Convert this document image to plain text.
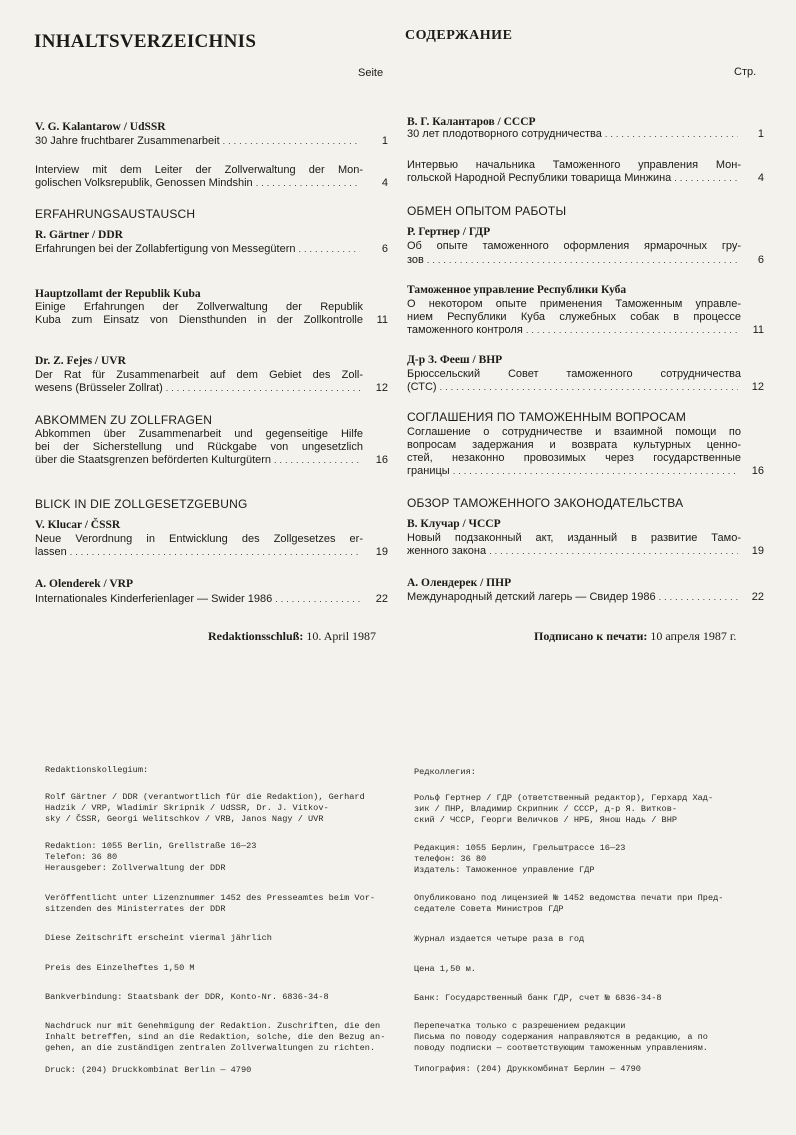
INHALTSVERZEICHNIS
Seite
V. G. Kalantarow / UdSSR
30 Jahre fruchtbarer Zusammenarbeit .....	1
Interview mit dem Leiter der Zollverwaltung der Mon-
golischen Volksrepublik, Genossen Mindshin .....	4
ERFAHRUNGSAUSTAUSCH
R. Gärtner / DDR
Erfahrungen bei der Zollabfertigung von Messegütern .....	6
Hauptzollamt der Republik Kuba
Einige Erfahrungen der Zollverwaltung der Republik
Kuba zum Einsatz von Diensthunden in der Zollkontrolle	11
Dr. Z. Fejes / UVR
Der Rat für Zusammenarbeit auf dem Gebiet des Zoll-
wesens (Brüsseler Zollrat) .....	12
ABKOMMEN ZU ZOLLFRAGEN
Abkommen über Zusammenarbeit und gegenseitige Hilfe
bei der Sicherstellung und Rückgabe von ungesetzlich
über die Staatsgrenzen beförderten Kulturgütern .....	16
BLICK IN DIE ZOLLGESETZGEBUNG
V. Klucar / ČSSR
Neue Verordnung in Entwicklung des Zollgesetzes er-
lassen .....	19
A. Olenderek / VRP
Internationales Kinderferienlager — Swider 1986 .....	22
Redaktionsschluß: 10. April 1987
СОДЕРЖАНИЕ
Стр.
В. Г. Калантаров / СССР
30 лет плодотворного сотрудничества .....	1
Интервью начальника Таможенного управления Мон-
гольской Народной Республики товарища Минжина .....	4
ОБМЕН ОПЫТОМ РАБОТЫ
Р. Гертнер / ГДР
Об опыте таможенного оформления ярмарочных гру-
зов .....	6
Таможенное управление Республики Куба
О некотором опыте применения Таможенным управле-
нием Республики Куба служебных собак в процессе
таможенного контроля .....	11
Д-р З. Фееш / ВНР
Брюссельский Совет таможенного сотрудничества
(СТС) .....	12
СОГЛАШЕНИЯ ПО ТАМОЖЕННЫМ ВОПРОСАМ
Соглашение о сотрудничестве и взаимной помощи по
вопросам задержания и возврата культурных ценно-
стей, незаконно провозимых через государственные
границы .....	16
ОБЗОР ТАМОЖЕННОГО ЗАКОНОДАТЕЛЬСТВА
В. Клучар / ЧССР
Новый подзаконный акт, изданный в развитие Тамо-
женного закона .....	19
А. Олендерек / ПНР
Международный детский лагерь — Свидер 1986 .....	22
Подписано к печати: 10 апреля 1987 г.
Redaktionskollegium:
Rolf Gärtner / DDR (verantwortlich für die Redaktion), Gerhard
Hadzik / VRP, Wladimir Skripnik / UdSSR, Dr. J. Vitkov-
sky / ČSSR, Georgi Welitschkov / VRB, Janos Nagy / UVR
Redaktion: 1055 Berlin, Grellstraße 16—23
Telefon: 36 80
Herausgeber: Zollverwaltung der DDR
Veröffentlicht unter Lizenznummer 1452 des Presseamtes beim Vor-
sitzenden des Ministerrates der DDR
Diese Zeitschrift erscheint viermal jährlich
Preis des Einzelheftes 1,50 M
Bankverbindung: Staatsbank der DDR, Konto-Nr. 6836-34-8
Nachdruck nur mit Genehmigung der Redaktion. Zuschriften, die den
Inhalt betreffen, sind an die Redaktion, solche, die den Bezug an-
gehen, an die zuständigen zentralen Zollverwaltungen zu richten.
Druck: (204) Druckkombinat Berlin — 4790
Редколлегия:
Рольф Гертнер / ГДР (ответственный редактор), Герхард Хад-
зик / ПНР, Владимир Скрипник / СССР, д-р Я. Витков-
ский / ЧССР, Георги Величков / НРБ, Янош Надь / ВНР
Редакция: 1055 Берлин, Грельштрассе 16—23
телефон: 36 80
Издатель: Таможенное управление ГДР
Опубликовано под лицензией № 1452 ведомства печати при Пред-
седателе Совета Министров ГДР
Журнал издается четыре раза в год
Цена 1,50 м.
Банк: Государственный банк ГДР, счет № 6836-34-8
Перепечатка только с разрешением редакции
Письма по поводу содержания направляются в редакцию, а по
поводу подписки — соответствующим таможенным управлениям.
Типография: (204) Друккомбинат Берлин — 4790
